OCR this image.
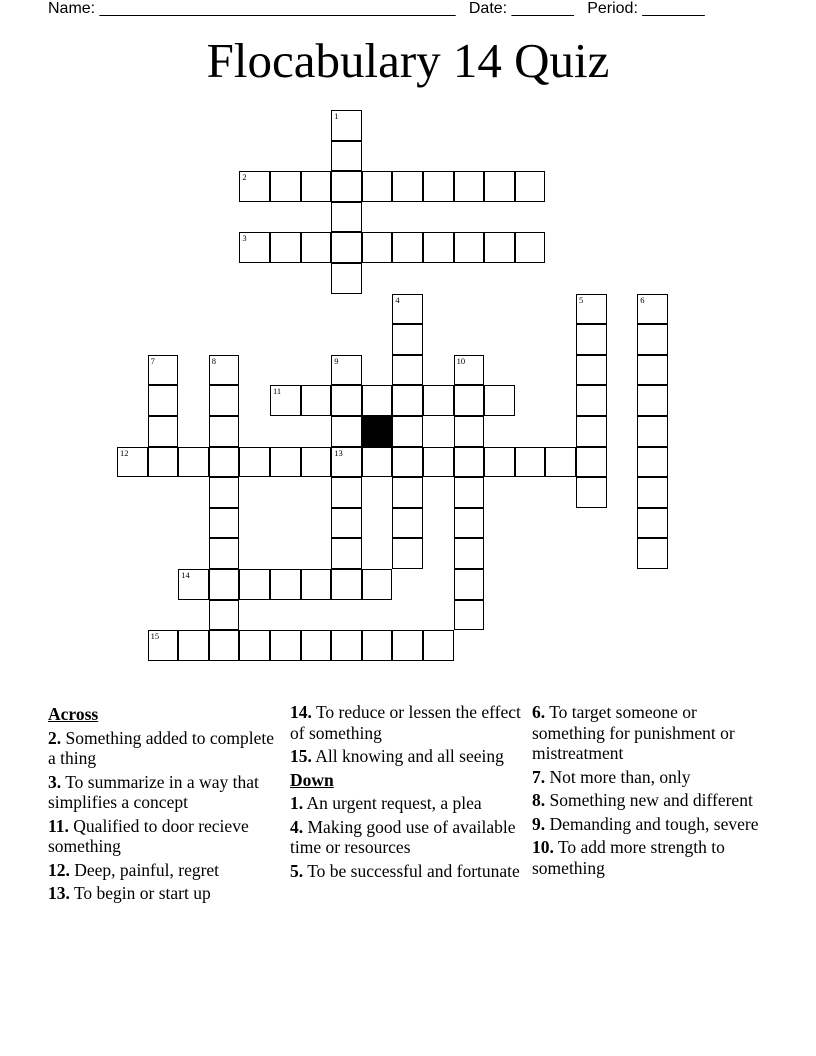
Name: ________________________________________ Date: _______ Period: _______
Flocabulary 14 Quiz
1
2
3
4	5	6
7	8	9	10
11
12	13
14
15
Across
2. Something added to complete a thing
3. To summarize in a way that simplifies a concept
11. Qualified to door recieve something
12. Deep, painful, regret
13. To begin or start up
14. To reduce or lessen the effect of something
15. All knowing and all seeing
Down
1. An urgent request, a plea
4. Making good use of available time or resources
5. To be successful and fortunate
6. To target someone or something for punishment or mistreatment
7. Not more than, only
8. Something new and different
9. Demanding and tough, severe
10. To add more strength to something
